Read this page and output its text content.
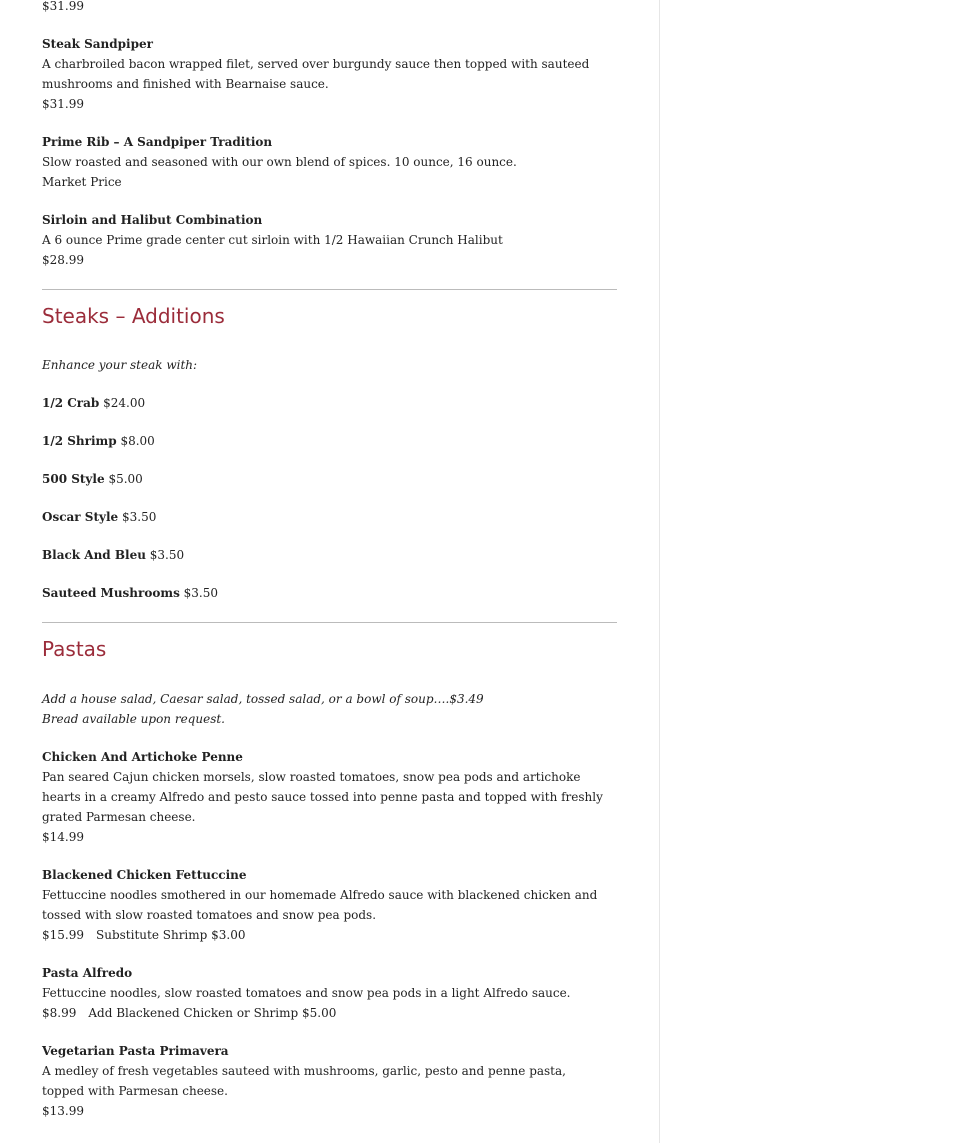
$31.99
Steak Sandpiper
A charbroiled bacon wrapped filet, served over burgundy sauce then topped with sauteed mushrooms and finished with Bearnaise sauce.
$31.99
Prime Rib – A Sandpiper Tradition
Slow roasted and seasoned with our own blend of spices. 10 ounce, 16 ounce.
Market Price
Sirloin and Halibut Combination
A 6 ounce Prime grade center cut sirloin with 1/2 Hawaiian Crunch Halibut
$28.99
Steaks – Additions
Enhance your steak with:
1/2 Crab $24.00
1/2 Shrimp $8.00
500 Style $5.00
Oscar Style $3.50
Black And Bleu $3.50
Sauteed Mushrooms $3.50
Pastas
Add a house salad, Caesar salad, tossed salad, or a bowl of soup….$3.49
Bread available upon request.
Chicken And Artichoke Penne
Pan seared Cajun chicken morsels, slow roasted tomatoes, snow pea pods and artichoke hearts in a creamy Alfredo and pesto sauce tossed into penne pasta and topped with freshly grated Parmesan cheese.
$14.99
Blackened Chicken Fettuccine
Fettuccine noodles smothered in our homemade Alfredo sauce with blackened chicken and tossed with slow roasted tomatoes and snow pea pods.
$15.99 Substitute Shrimp $3.00
Pasta Alfredo
Fettuccine noodles, slow roasted tomatoes and snow pea pods in a light Alfredo sauce.
$8.99 Add Blackened Chicken or Shrimp $5.00
Vegetarian Pasta Primavera
A medley of fresh vegetables sauteed with mushrooms, garlic, pesto and penne pasta, topped with Parmesan cheese.
$13.99
